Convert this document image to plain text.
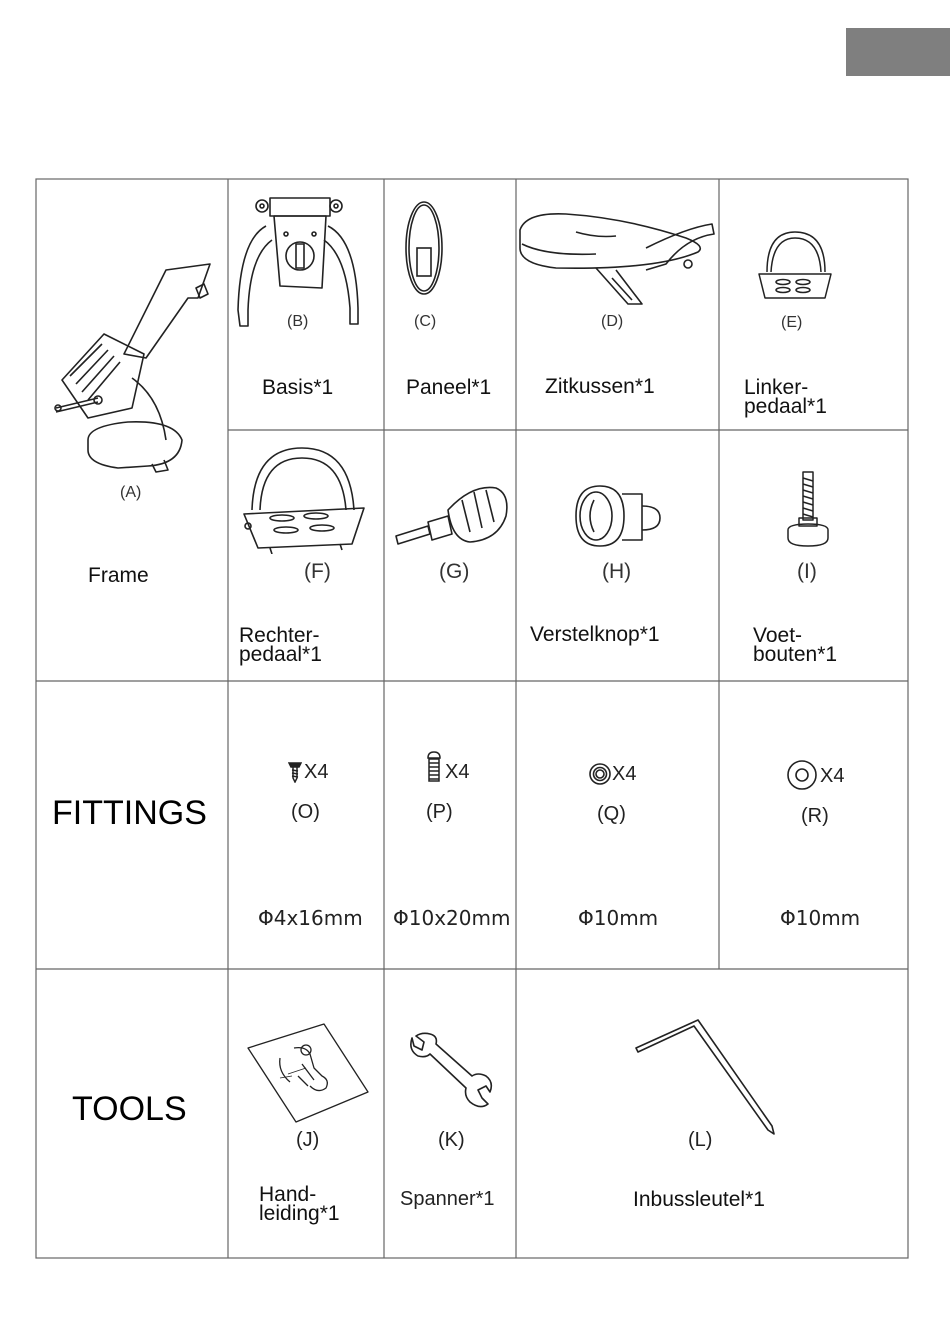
(A)
Frame
(B)
Basis*1
(C)
Paneel*1
(D)
Zitkussen*1
(E)
Linker-
pedaal*1
(F)
Rechter-
pedaal*1
(G)	(H)
Verstelknop*1
(I)
Voet-
bouten*1
FITTINGS
X4
(O)
Φ4x16mm
X4
(P)
Φ10x20mm
X4
(Q)
Φ10mm
X4
(R)
Φ10mm
TOOLS
(J)
Hand-
leiding*1
(K)
Spanner*1
(L)
Inbussleutel*1
